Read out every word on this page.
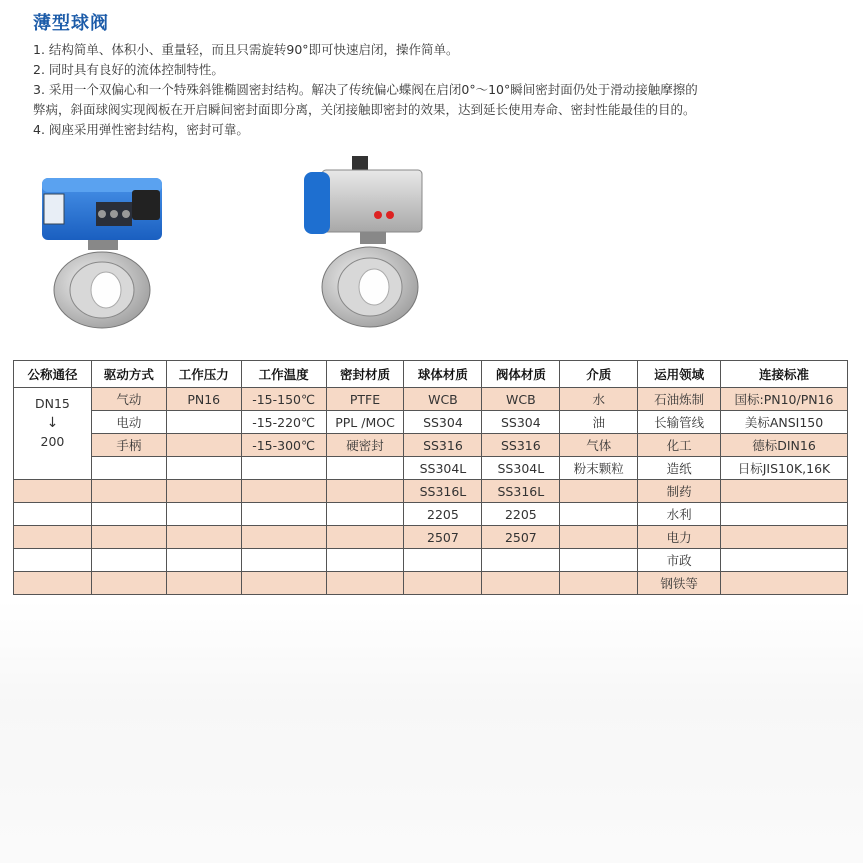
薄型球阀
1. 结构简单、体积小、重量轻，而且只需旋转90°即可快速启闭，操作简单。
2. 同时具有良好的流体控制特性。
3. 采用一个双偏心和一个特殊斜锥椭圆密封结构。解决了传统偏心蝶阀在启闭0°～10°瞬间密封面仍处于滑动接触摩擦的
弊病，斜面球阀实现阀板在开启瞬间密封面即分离，关闭接触即密封的效果，达到延长使用寿命、密封性能最佳的目的。
4. 阀座采用弹性密封结构，密封可靠。
公称通径	驱动方式	工作压力	工作温度	密封材质	球体材质	阀体材质	介质	运用领域	连接标准

DN15
↓
200	气动	PN16	-15-150℃	PTFE	WCB	WCB	水	石油炼制	国标:PN10/PN16
	电动		-15-220℃	PPL /MOC	SS304	SS304	油	长输管线	美标ANSI150
	手柄		-15-300℃	硬密封	SS316	SS316	气体	化工	德标DIN16
					SS304L	SS304L	粉末颗粒	造纸	日标JIS10K,16K
					SS316L	SS316L		制药	
					2205	2205		水利	
					2507	2507		电力	
								市政	
								钢铁等	
